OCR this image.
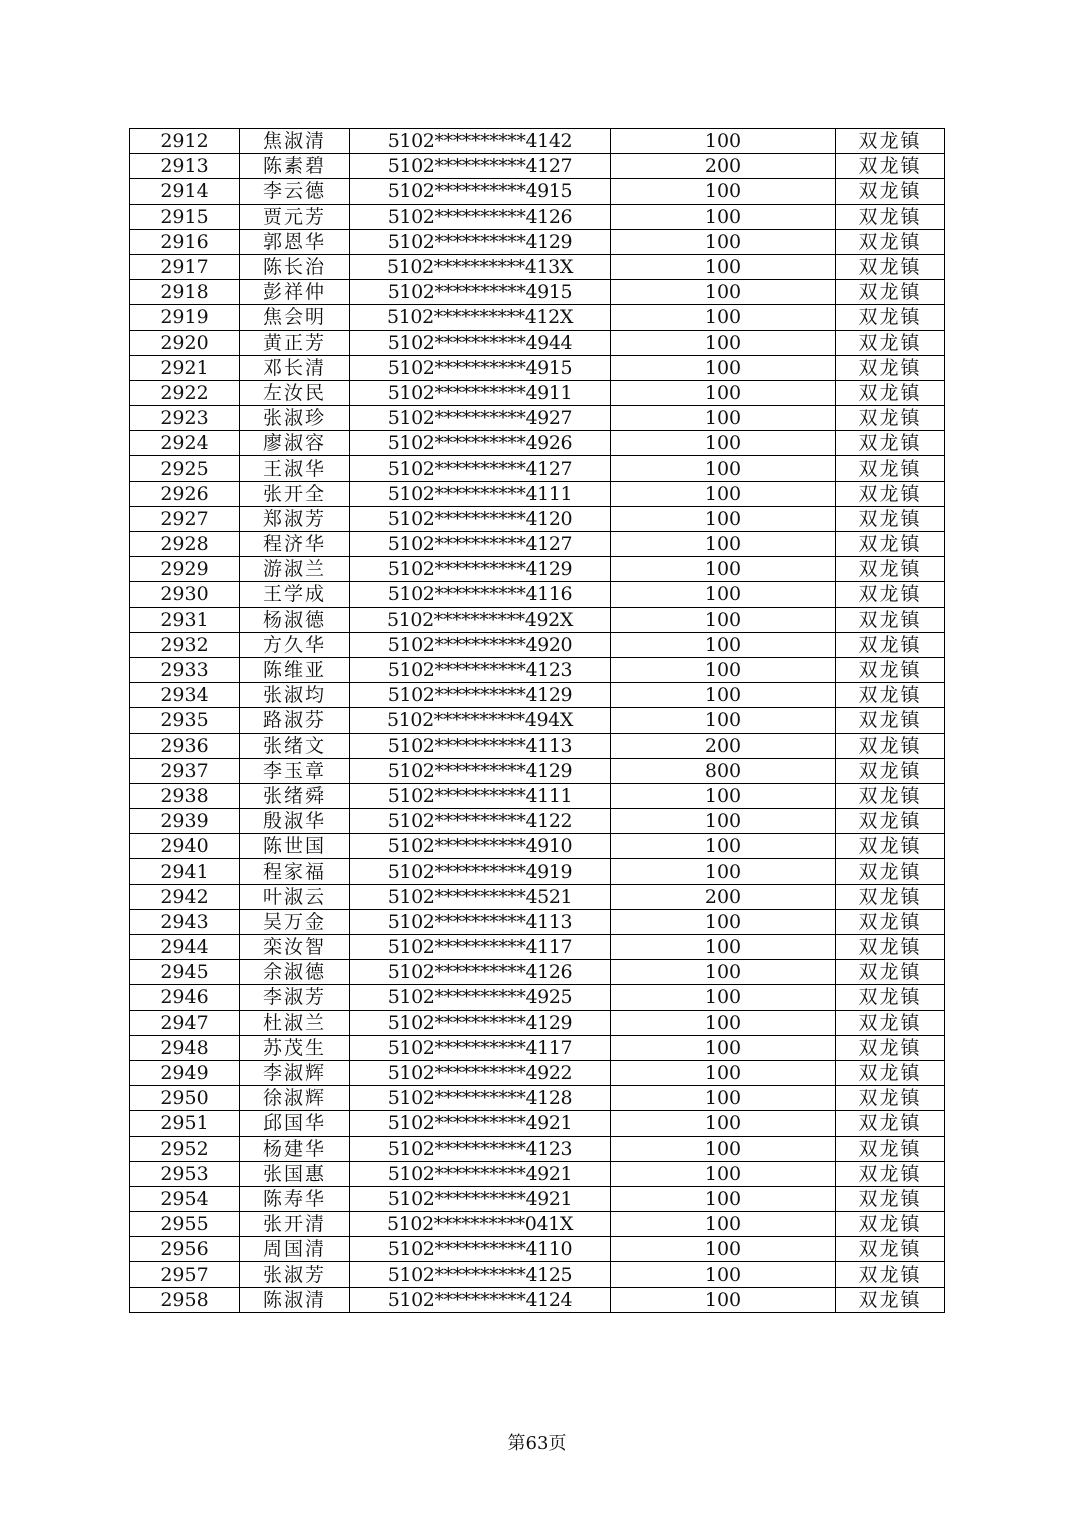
2912	焦淑清	5102**********4142	100	双龙镇
2913	陈素碧	5102**********4127	200	双龙镇
2914	李云德	5102**********4915	100	双龙镇
2915	贾元芳	5102**********4126	100	双龙镇
2916	郭恩华	5102**********4129	100	双龙镇
2917	陈长治	5102**********413X	100	双龙镇
2918	彭祥仲	5102**********4915	100	双龙镇
2919	焦会明	5102**********412X	100	双龙镇
2920	黄正芳	5102**********4944	100	双龙镇
2921	邓长清	5102**********4915	100	双龙镇
2922	左汝民	5102**********4911	100	双龙镇
2923	张淑珍	5102**********4927	100	双龙镇
2924	廖淑容	5102**********4926	100	双龙镇
2925	王淑华	5102**********4127	100	双龙镇
2926	张开全	5102**********4111	100	双龙镇
2927	郑淑芳	5102**********4120	100	双龙镇
2928	程济华	5102**********4127	100	双龙镇
2929	游淑兰	5102**********4129	100	双龙镇
2930	王学成	5102**********4116	100	双龙镇
2931	杨淑德	5102**********492X	100	双龙镇
2932	方久华	5102**********4920	100	双龙镇
2933	陈维亚	5102**********4123	100	双龙镇
2934	张淑均	5102**********4129	100	双龙镇
2935	路淑芬	5102**********494X	100	双龙镇
2936	张绪文	5102**********4113	200	双龙镇
2937	李玉章	5102**********4129	800	双龙镇
2938	张绪舜	5102**********4111	100	双龙镇
2939	殷淑华	5102**********4122	100	双龙镇
2940	陈世国	5102**********4910	100	双龙镇
2941	程家福	5102**********4919	100	双龙镇
2942	叶淑云	5102**********4521	200	双龙镇
2943	吴万金	5102**********4113	100	双龙镇
2944	栾汝智	5102**********4117	100	双龙镇
2945	余淑德	5102**********4126	100	双龙镇
2946	李淑芳	5102**********4925	100	双龙镇
2947	杜淑兰	5102**********4129	100	双龙镇
2948	苏茂生	5102**********4117	100	双龙镇
2949	李淑辉	5102**********4922	100	双龙镇
2950	徐淑辉	5102**********4128	100	双龙镇
2951	邱国华	5102**********4921	100	双龙镇
2952	杨建华	5102**********4123	100	双龙镇
2953	张国惠	5102**********4921	100	双龙镇
2954	陈寿华	5102**********4921	100	双龙镇
2955	张开清	5102**********041X	100	双龙镇
2956	周国清	5102**********4110	100	双龙镇
2957	张淑芳	5102**********4125	100	双龙镇
2958	陈淑清	5102**********4124	100	双龙镇
第63页
